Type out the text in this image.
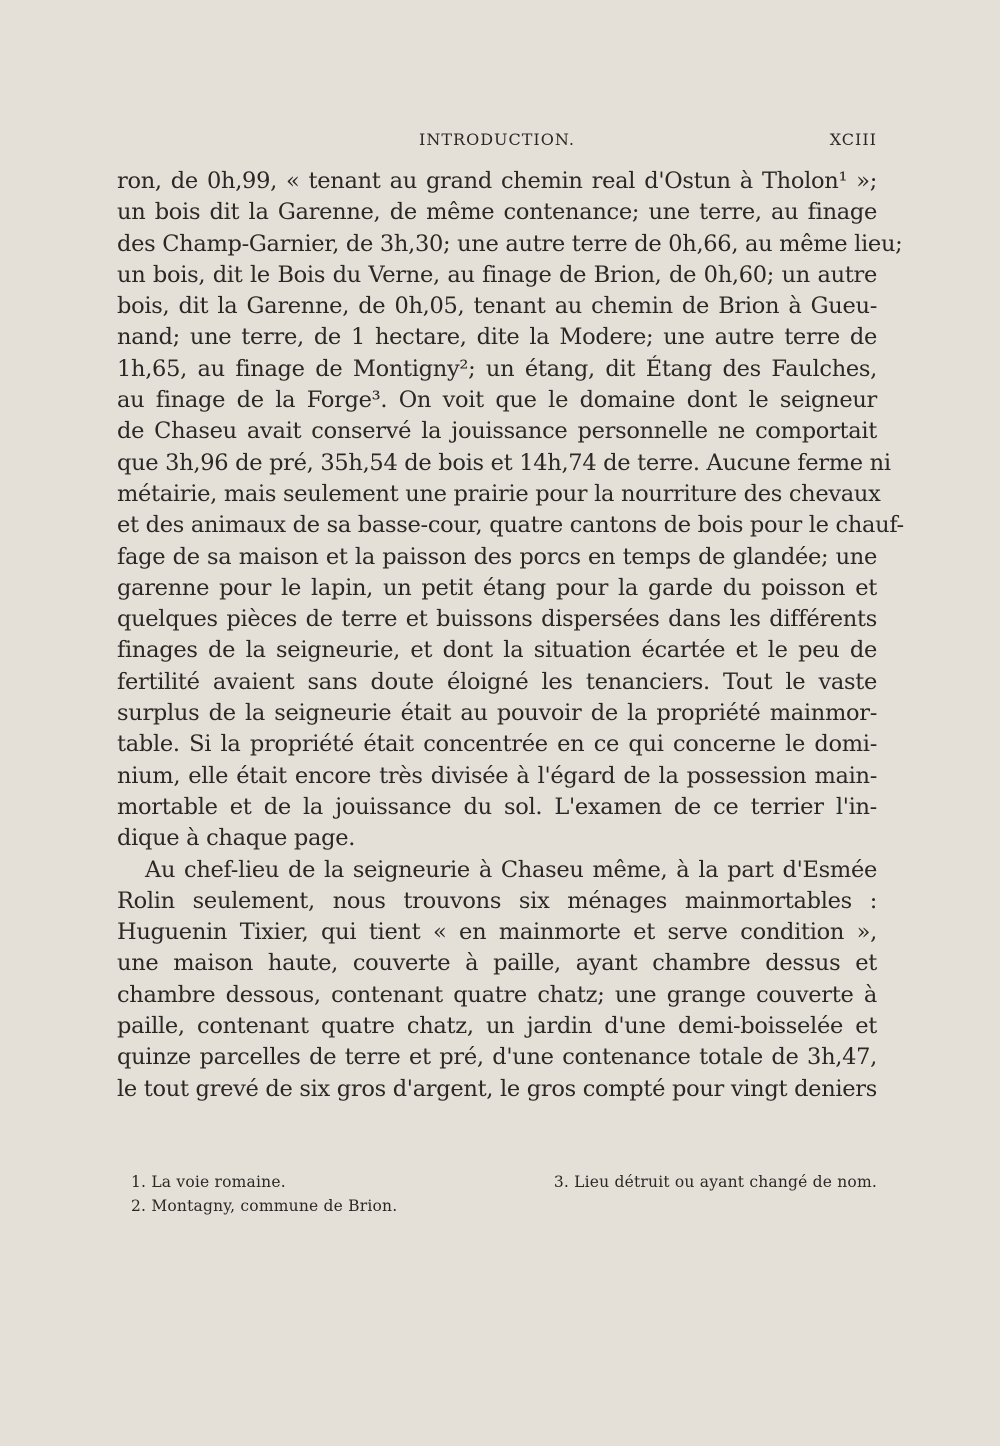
INTRODUCTION.	XCIII
ron, de 0h,99, « tenant au grand chemin real d'Ostun à Tholon¹ »;
un bois dit la Garenne, de même contenance; une terre, au finage
des Champ-Garnier, de 3h,30; une autre terre de 0h,66, au même lieu;
un bois, dit le Bois du Verne, au finage de Brion, de 0h,60; un autre
bois, dit la Garenne, de 0h,05, tenant au chemin de Brion à Gueu-
nand; une terre, de 1 hectare, dite la Modere; une autre terre de
1h,65, au finage de Montigny²; un étang, dit Étang des Faulches,
au finage de la Forge³. On voit que le domaine dont le seigneur
de Chaseu avait conservé la jouissance personnelle ne comportait
que 3h,96 de pré, 35h,54 de bois et 14h,74 de terre. Aucune ferme ni
métairie, mais seulement une prairie pour la nourriture des chevaux
et des animaux de sa basse-cour, quatre cantons de bois pour le chauf-
fage de sa maison et la paisson des porcs en temps de glandée; une
garenne pour le lapin, un petit étang pour la garde du poisson et
quelques pièces de terre et buissons dispersées dans les différents
finages de la seigneurie, et dont la situation écartée et le peu de
fertilité avaient sans doute éloigné les tenanciers. Tout le vaste
surplus de la seigneurie était au pouvoir de la propriété mainmor-
table. Si la propriété était concentrée en ce qui concerne le domi-
nium, elle était encore très divisée à l'égard de la possession main-
mortable et de la jouissance du sol. L'examen de ce terrier l'in-
dique à chaque page.
Au chef-lieu de la seigneurie à Chaseu même, à la part d'Esmée
Rolin seulement, nous trouvons six ménages mainmortables :
Huguenin Tixier, qui tient « en mainmorte et serve condition »,
une maison haute, couverte à paille, ayant chambre dessus et
chambre dessous, contenant quatre chatz; une grange couverte à
paille, contenant quatre chatz, un jardin d'une demi-boisselée et
quinze parcelles de terre et pré, d'une contenance totale de 3h,47,
le tout grevé de six gros d'argent, le gros compté pour vingt deniers
1. La voie romaine.
2. Montagny, commune de Brion.
3. Lieu détruit ou ayant changé de nom.
